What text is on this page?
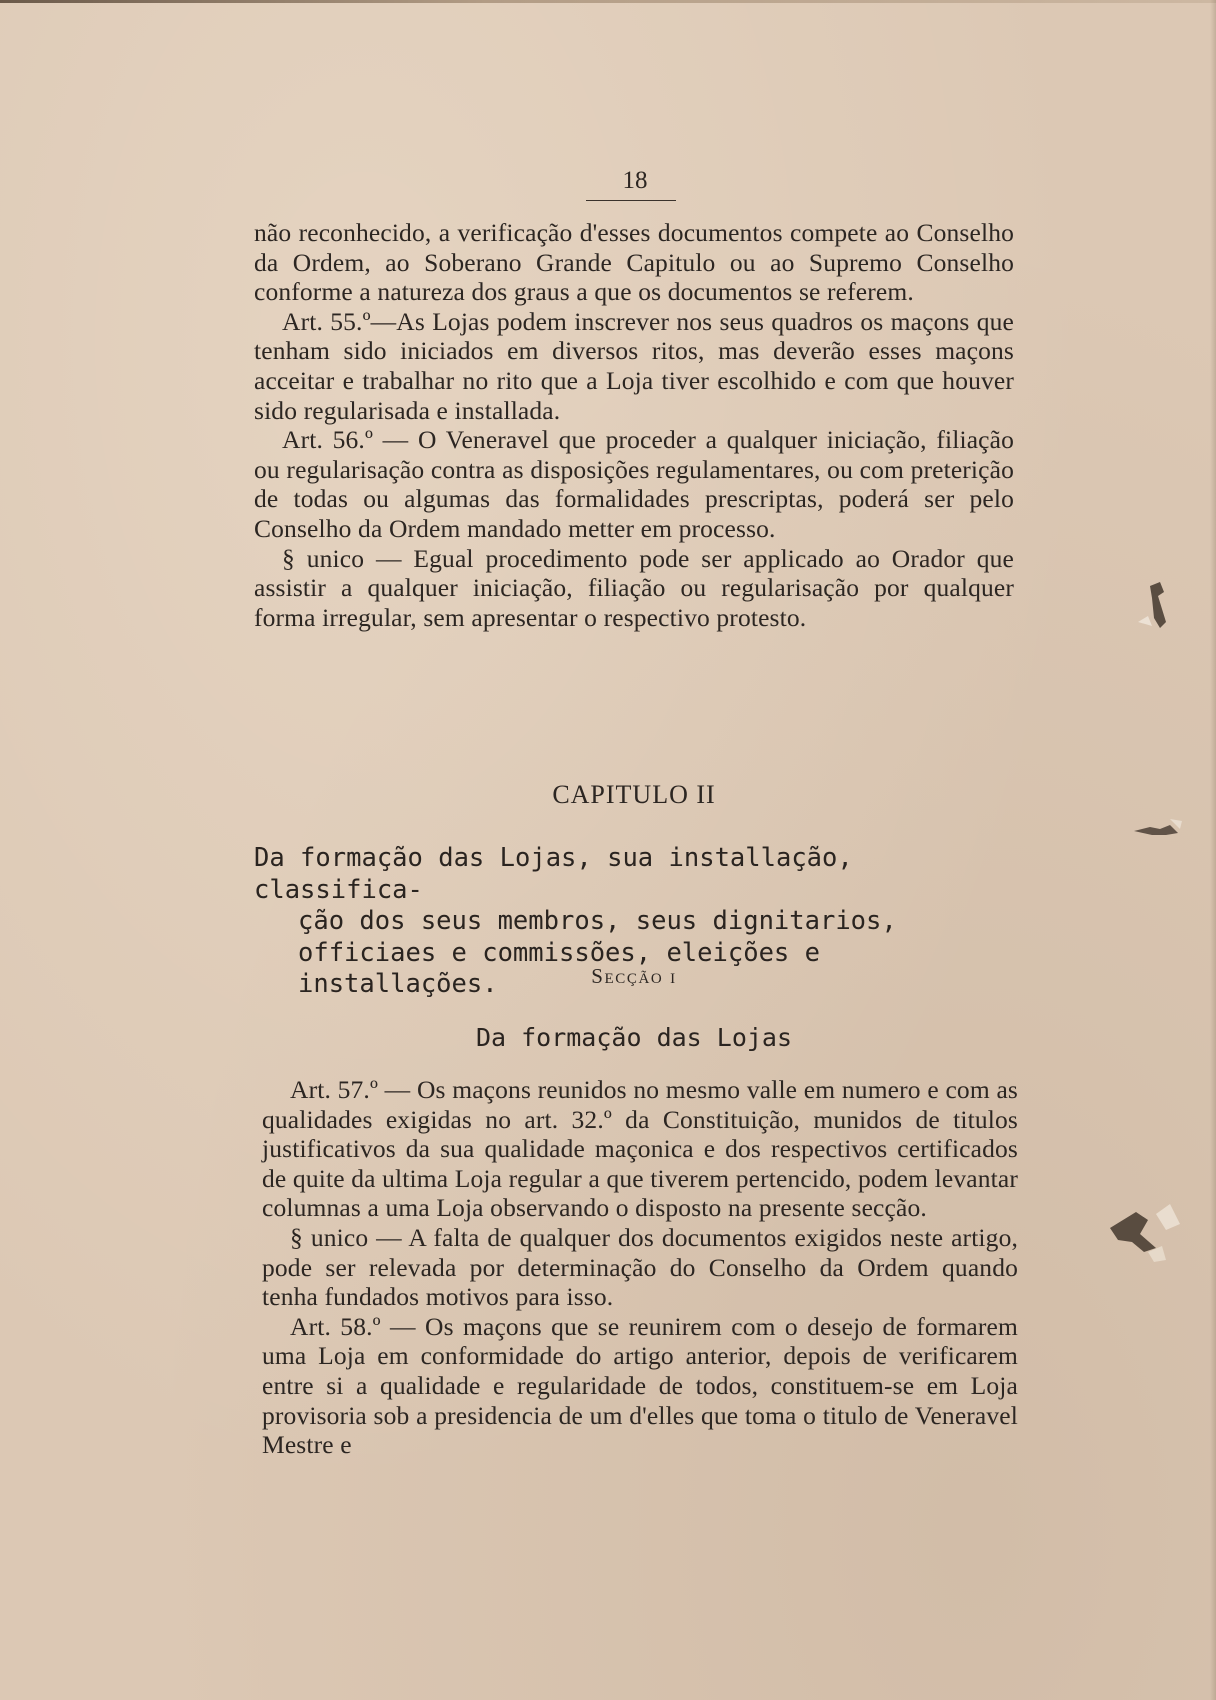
18

não reconhecido, a verificação d'esses documentos compete ao Conselho da Ordem, ao Soberano Grande Capitulo ou ao Supremo Conselho conforme a natureza dos graus a que os documentos se referem.

Art. 55.º—As Lojas podem inscrever nos seus quadros os maçons que tenham sido iniciados em diversos ritos, mas deverão esses maçons acceitar e trabalhar no rito que a Loja tiver escolhido e com que houver sido regularisada e installada.

Art. 56.º — O Veneravel que proceder a qualquer iniciação, filiação ou regularisação contra as disposições regulamentares, ou com preterição de todas ou algumas das formalidades prescriptas, poderá ser pelo Conselho da Ordem mandado metter em processo.

§ unico — Egual procedimento pode ser applicado ao Orador que assistir a qualquer iniciação, filiação ou regularisação por qualquer forma irregular, sem apresentar o respectivo protesto.

CAPITULO II
Da formação das Lojas, sua installação, classifica-
ção dos seus membros, seus dignitarios, officiaes e commissões, eleições e installações.	Secção i
Da formação das Lojas

Art. 57.º — Os maçons reunidos no mesmo valle em numero e com as qualidades exigidas no art. 32.º da Constituição, munidos de titulos justificativos da sua qualidade maçonica e dos respectivos certificados de quite da ultima Loja regular a que tiverem pertencido, podem levantar columnas a uma Loja observando o disposto na presente secção.

§ unico — A falta de qualquer dos documentos exigidos neste artigo, pode ser relevada por determinação do Conselho da Ordem quando tenha fundados motivos para isso.

Art. 58.º — Os maçons que se reunirem com o desejo de formarem uma Loja em conformidade do artigo anterior, depois de verificarem entre si a qualidade e regularidade de todos, constituem-se em Loja provisoria sob a presidencia de um d'elles que toma o titulo de Veneravel Mestre e
